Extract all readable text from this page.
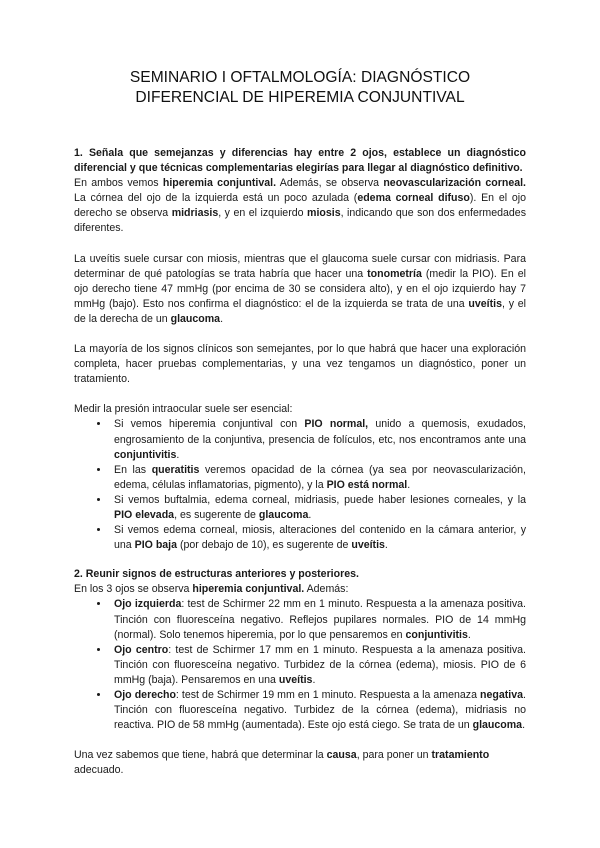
SEMINARIO I OFTALMOLOGÍA: DIAGNÓSTICO
DIFERENCIAL DE HIPEREMIA CONJUNTIVAL

1. Señala que semejanzas y diferencias hay entre 2 ojos, establece un diagnóstico diferencial y que técnicas complementarias elegirías para llegar al diagnóstico definitivo.

En ambos vemos hiperemia conjuntival. Además, se observa neovascularización corneal. La córnea del ojo de la izquierda está un poco azulada (edema corneal difuso). En el ojo derecho se observa midriasis, y en el izquierdo miosis, indicando que son dos enfermedades diferentes.

La uveítis suele cursar con miosis, mientras que el glaucoma suele cursar con midriasis. Para determinar de qué patologías se trata habría que hacer una tonometría (medir la PIO). En el ojo derecho tiene 47 mmHg (por encima de 30 se considera alto), y en el ojo izquierdo hay 7 mmHg (bajo). Esto nos confirma el diagnóstico: el de la izquierda se trata de una uveítis, y el de la derecha de un glaucoma.

La mayoría de los signos clínicos son semejantes, por lo que habrá que hacer una exploración completa, hacer pruebas complementarias, y una vez tengamos un diagnóstico, poner un tratamiento.

Medir la presión intraocular suele ser esencial:

• Si vemos hiperemia conjuntival con PIO normal, unido a quemosis, exudados, engrosamiento de la conjuntiva, presencia de folículos, etc, nos encontramos ante una conjuntivitis.
• En las queratitis veremos opacidad de la córnea (ya sea por neovascularización, edema, células inflamatorias, pigmento), y la PIO está normal.
• Si vemos buftalmia, edema corneal, midriasis, puede haber lesiones corneales, y la PIO elevada, es sugerente de glaucoma.
• Si vemos edema corneal, miosis, alteraciones del contenido en la cámara anterior, y una PIO baja (por debajo de 10), es sugerente de uveítis.

2. Reunir signos de estructuras anteriores y posteriores.

En los 3 ojos se observa hiperemia conjuntival. Además:

• Ojo izquierda: test de Schirmer 22 mm en 1 minuto. Respuesta a la amenaza positiva. Tinción con fluoresceína negativo. Reflejos pupilares normales. PIO de 14 mmHg (normal). Solo tenemos hiperemia, por lo que pensaremos en conjuntivitis.
• Ojo centro: test de Schirmer 17 mm en 1 minuto. Respuesta a la amenaza positiva. Tinción con fluoresceína negativo. Turbidez de la córnea (edema), miosis. PIO de 6 mmHg (baja). Pensaremos en una uveítis.
• Ojo derecho: test de Schirmer 19 mm en 1 minuto. Respuesta a la amenaza negativa. Tinción con fluoresceína negativo. Turbidez de la córnea (edema), midriasis no reactiva. PIO de 58 mmHg (aumentada). Este ojo está ciego. Se trata de un glaucoma.

Una vez sabemos que tiene, habrá que determinar la causa, para poner un tratamiento adecuado.
